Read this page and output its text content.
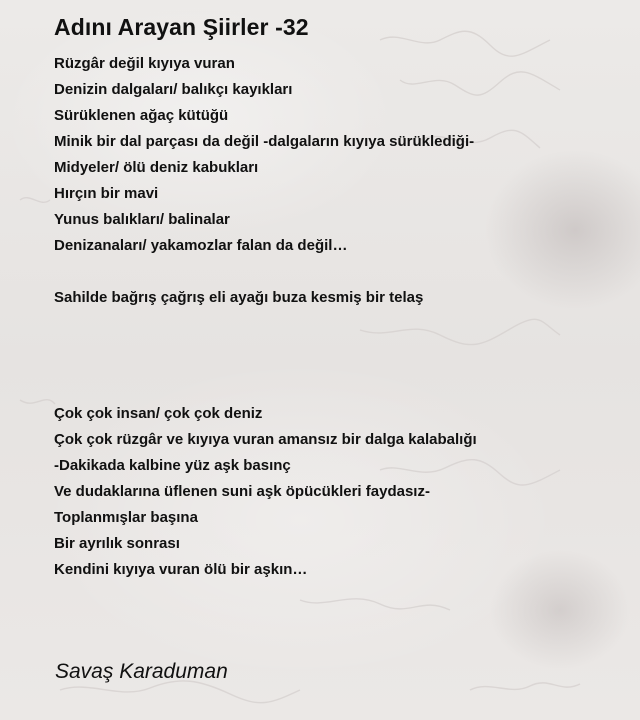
Adını Arayan Şiirler -32
Rüzgâr değil kıyıya vuran
Denizin dalgaları/ balıkçı kayıkları
Sürüklenen ağaç kütüğü
Minik bir dal parçası da değil -dalgaların kıyıya sürüklediği-
Midyeler/ ölü deniz kabukları
Hırçın bir mavi
Yunus balıkları/ balinalar
Denizanaları/ yakamozlar falan da değil…
Sahilde bağrış çağrış eli ayağı buza kesmiş bir telaş
Çok çok insan/ çok çok deniz
Çok çok rüzgâr ve kıyıya vuran amansız bir dalga kalabalığı
-Dakikada kalbine yüz aşk basınç
Ve dudaklarına üflenen suni aşk öpücükleri faydasız-
Toplanmışlar başına
Bir ayrılık sonrası
Kendini kıyıya vuran ölü bir aşkın…
Savaş Karaduman
